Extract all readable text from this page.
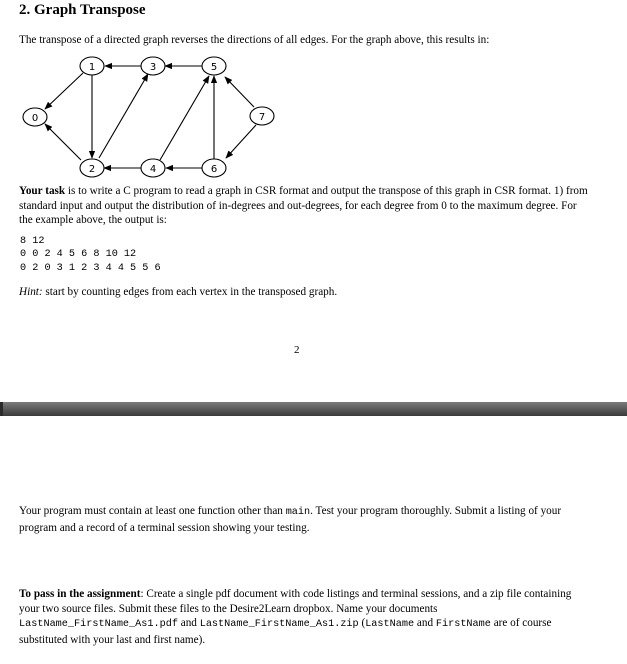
2. Graph Transpose

The transpose of a directed graph reverses the directions of all edges. For the graph above, this results in:

0
1
2
3
4
5
6
7

Your task is to write a C program to read a graph in CSR format and output the transpose of this graph in CSR format. 1) from standard input and output the distribution of in-degrees and out-degrees, for each degree from 0 to the maximum degree. For the example above, the output is:

8 12
0 0 2 4 5 6 8 10 12
0 2 0 3 1 2 3 4 4 5 5 6

Hint: start by counting edges from each vertex in the transposed graph.

2

Your program must contain at least one function other than main. Test your program thoroughly. Submit a listing of your program and a record of a terminal session showing your testing.

To pass in the assignment: Create a single pdf document with code listings and terminal sessions, and a zip file containing your two source files. Submit these files to the Desire2Learn dropbox. Name your documents LastName_FirstName_As1.pdf and LastName_FirstName_As1.zip (LastName and FirstName are of course substituted with your last and first name).
